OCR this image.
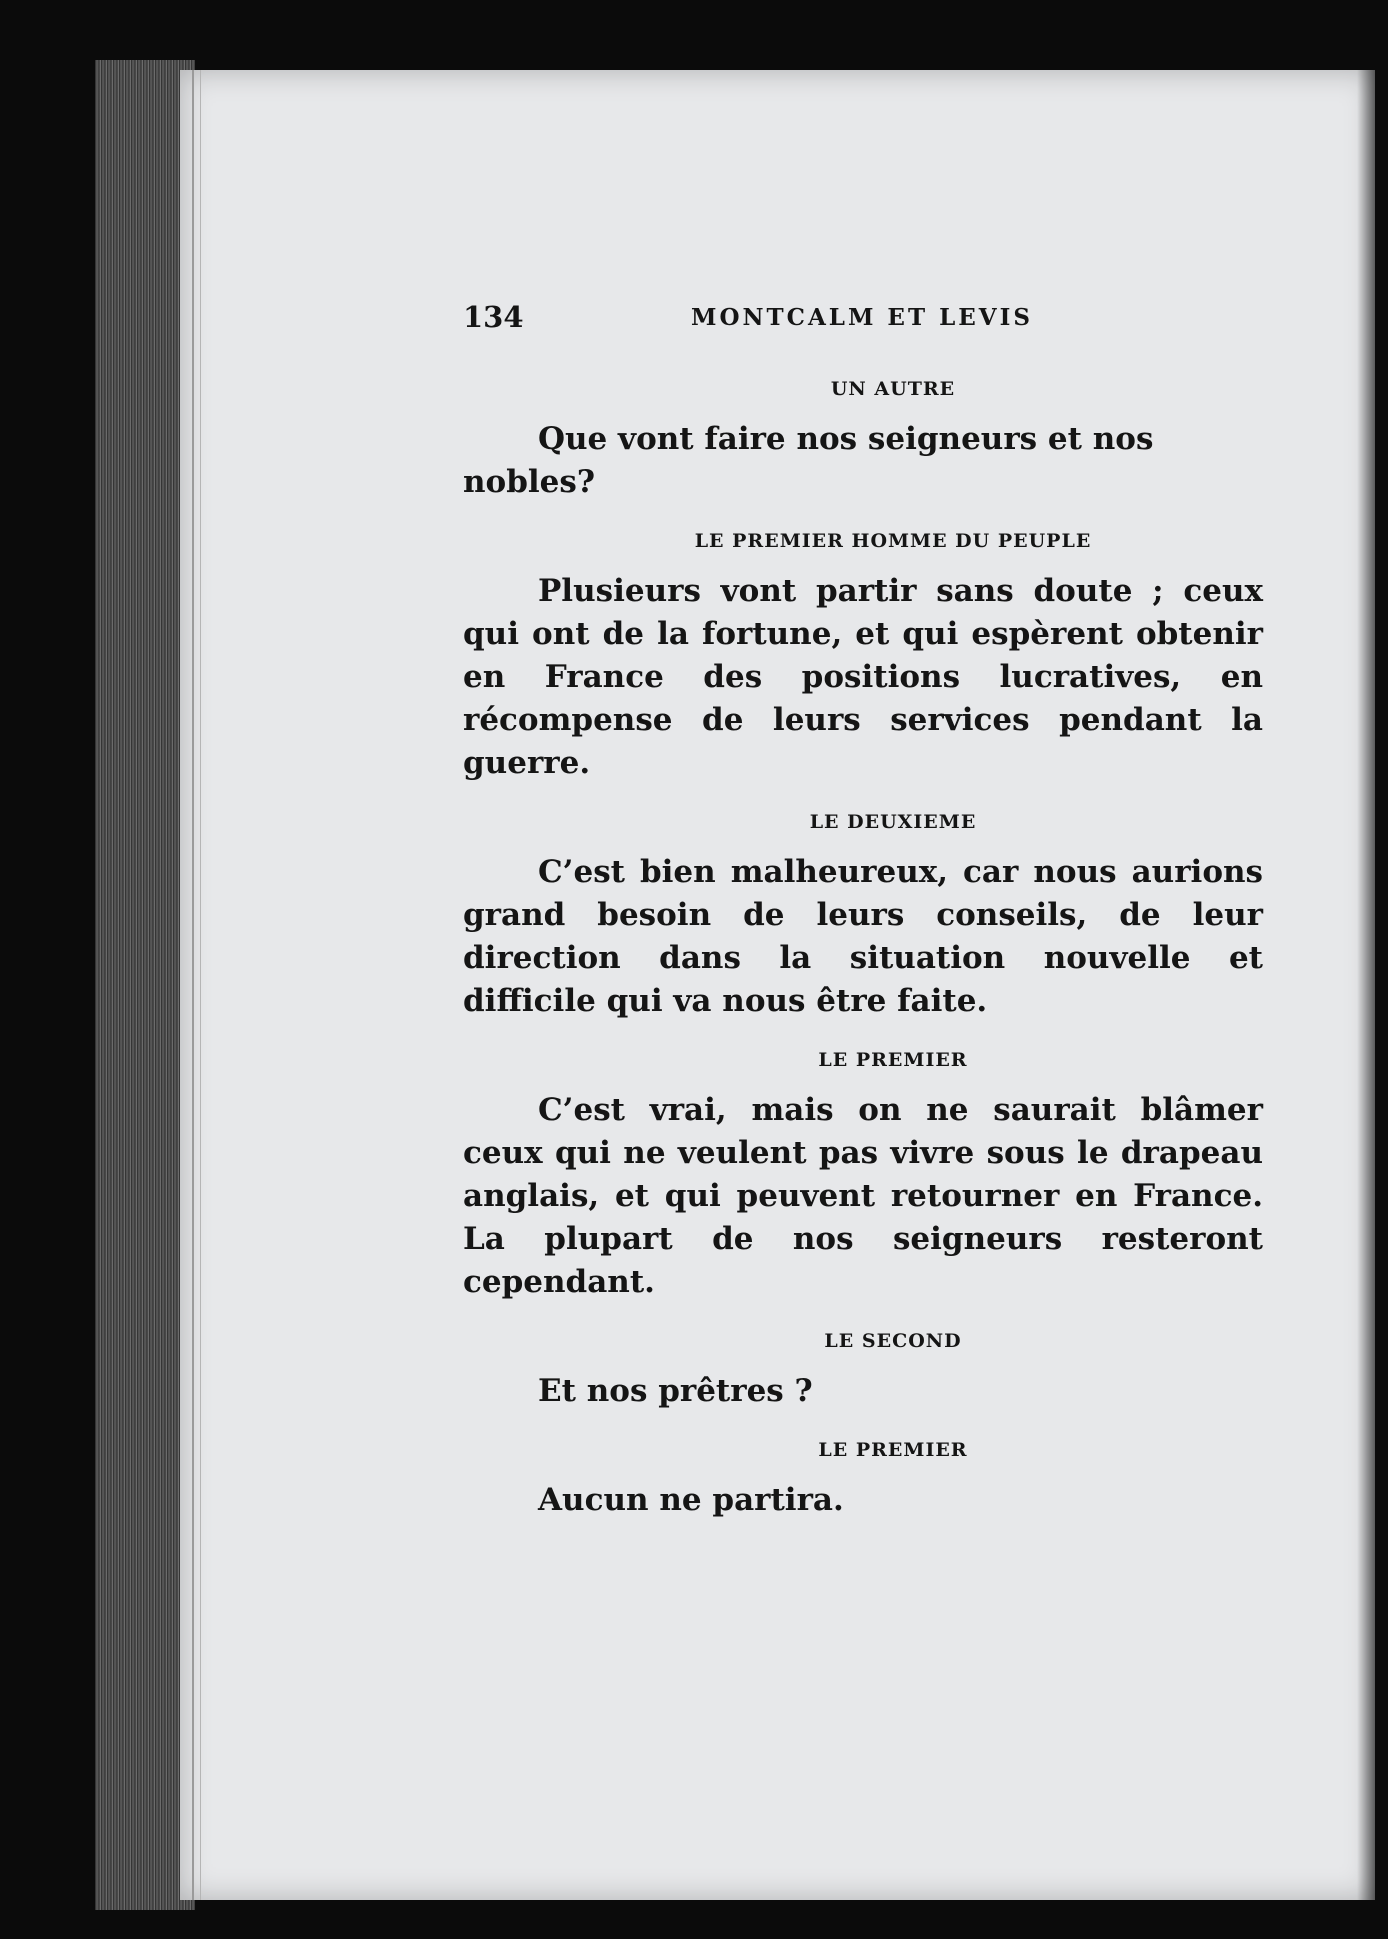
134	MONTCALM ET LEVIS
UN AUTRE
Que vont faire nos seigneurs et nos nobles?
LE PREMIER HOMME DU PEUPLE
Plusieurs vont partir sans doute ; ceux qui ont de la fortune, et qui espèrent obtenir en France des positions lucratives, en récompense de leurs services pendant la guerre.
LE DEUXIEME
C’est bien malheureux, car nous aurions grand besoin de leurs conseils, de leur direction dans la situation nouvelle et difficile qui va nous être faite.
LE PREMIER
C’est vrai, mais on ne saurait blâmer ceux qui ne veulent pas vivre sous le drapeau anglais, et qui peuvent retourner en France. La plupart de nos seigneurs resteront cependant.
LE SECOND
Et nos prêtres ?
LE PREMIER
Aucun ne partira.
